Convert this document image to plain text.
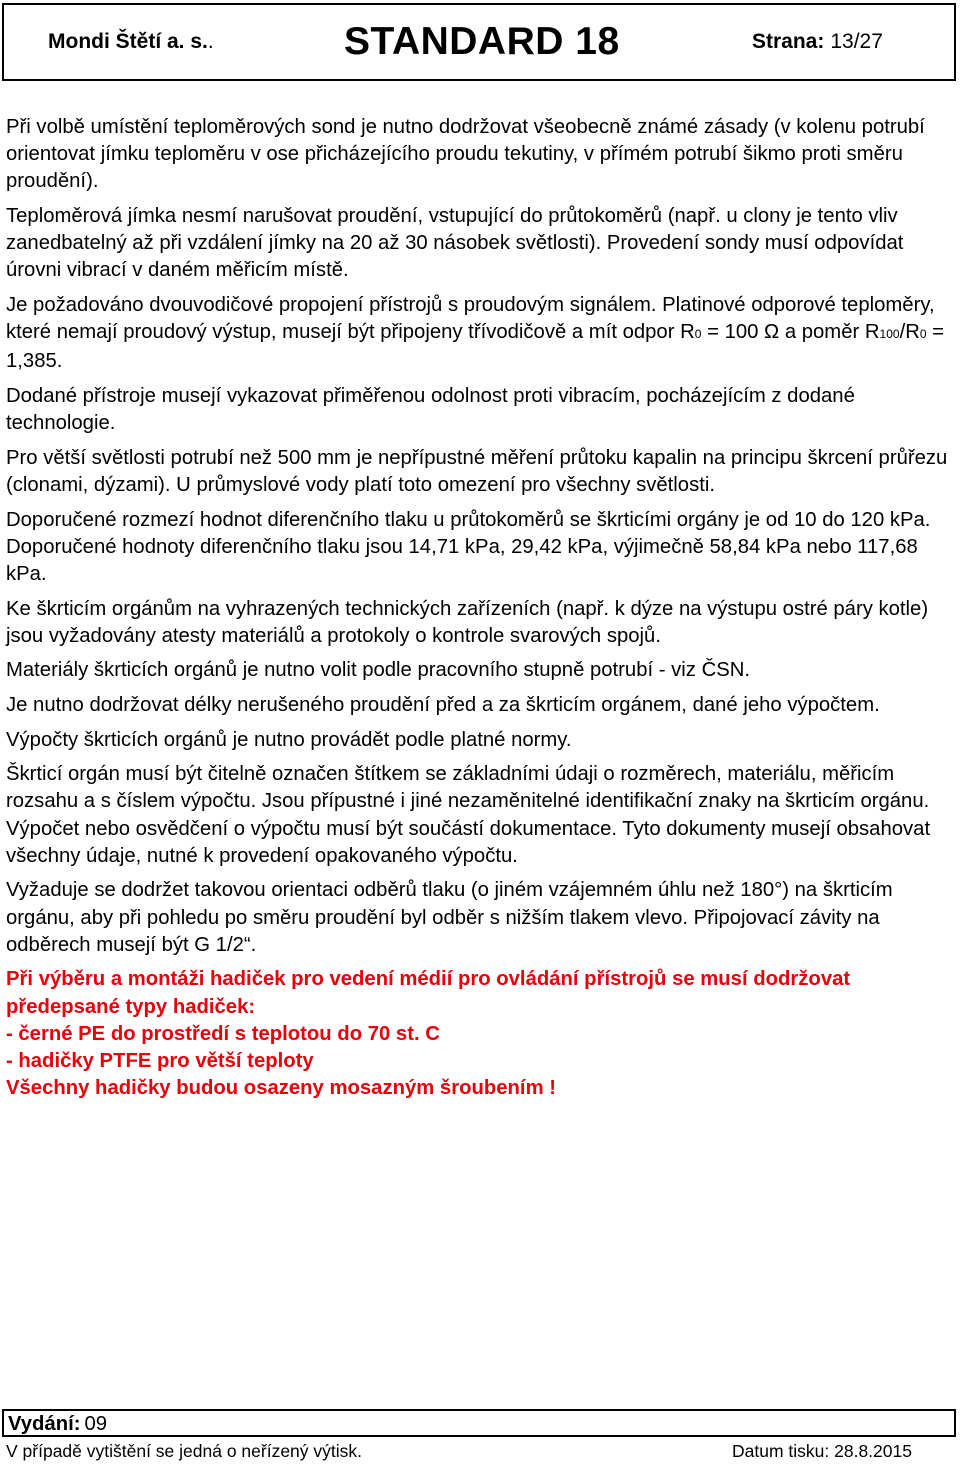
Mondi Štětí a. s. .	STANDARD 18	Strana: 13/27

Při volbě umístění teploměrových sond je nutno dodržovat všeobecně známé zásady (v kolenu potrubí orientovat jímku teploměru v ose přicházejícího proudu tekutiny, v přímém potrubí šikmo proti směru proudění).

Teploměrová jímka nesmí narušovat proudění, vstupující do průtokoměrů (např. u clony je tento vliv zanedbatelný až při vzdálení jímky na 20 až 30 násobek světlosti). Provedení sondy musí odpovídat úrovni vibrací v daném měřicím místě.

Je požadováno dvouvodičové propojení přístrojů s proudovým signálem. Platinové odporové teploměry, které nemají proudový výstup, musejí být připojeny třívodičově a mít odpor R0 = 100 Ω a poměr R100/R0 = 1,385.

Dodané přístroje musejí vykazovat přiměřenou odolnost proti vibracím, pocházejícím z dodané technologie.

Pro větší světlosti potrubí než 500 mm je nepřípustné měření průtoku kapalin na principu škrcení průřezu (clonami, dýzami). U průmyslové vody platí toto omezení pro všechny světlosti.

Doporučené rozmezí hodnot diferenčního tlaku u průtokoměrů se škrticími orgány je od 10 do 120 kPa. Doporučené hodnoty diferenčního tlaku jsou 14,71 kPa, 29,42 kPa, výjimečně 58,84 kPa nebo 117,68 kPa.

Ke škrticím orgánům na vyhrazených technických zařízeních (např. k dýze na výstupu ostré páry kotle) jsou vyžadovány atesty materiálů a protokoly o kontrole svarových spojů.

Materiály škrticích orgánů je nutno volit podle pracovního stupně potrubí - viz ČSN.

Je nutno dodržovat délky nerušeného proudění před a za škrticím orgánem, dané jeho výpočtem.

Výpočty škrticích orgánů je nutno provádět podle platné normy.

Škrticí orgán musí být čitelně označen štítkem se základními údaji o rozměrech, materiálu, měřicím rozsahu a s číslem výpočtu. Jsou přípustné i jiné nezaměnitelné identifikační znaky na škrticím orgánu. Výpočet nebo osvědčení o výpočtu musí být součástí dokumentace. Tyto dokumenty musejí obsahovat všechny údaje, nutné k provedení opakovaného výpočtu.

Vyžaduje se dodržet takovou orientaci odběrů tlaku (o jiném vzájemném úhlu než 180°) na škrticím orgánu, aby při pohledu po směru proudění byl odběr s nižším tlakem vlevo. Připojovací závity na odběrech musejí být G 1/2“.

Při výběru a montáži hadiček pro vedení médií pro ovládání přístrojů se musí dodržovat předepsané typy hadiček:
- černé PE do prostředí s teplotou do 70 st. C
- hadičky PTFE pro větší teploty
Všechny hadičky budou osazeny mosazným šroubením !

Vydání: 09
V případě vytištění se jedná o neřízený výtisk.	Datum tisku: 28.8.2015
